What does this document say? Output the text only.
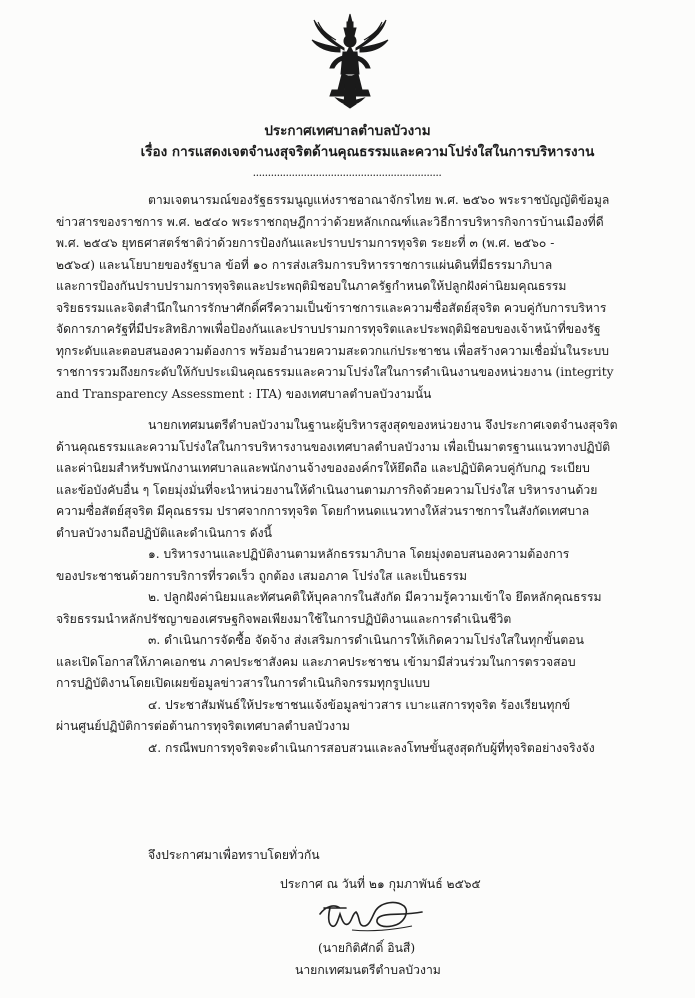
ประกาศเทศบาลตำบลบัวงาม
เรื่อง การแสดงเจตจำนงสุจริตด้านคุณธรรมและความโปร่งใสในการบริหารงาน
...............................................................
ตามเจตนารมณ์ของรัฐธรรมนูญแห่งราชอาณาจักรไทย พ.ศ. ๒๕๖๐ พระราชบัญญัติข้อมูล
ข่าวสารของราชการ พ.ศ. ๒๕๔๐ พระราชกฤษฎีกาว่าด้วยหลักเกณฑ์และวิธีการบริหารกิจการบ้านเมืองที่ดี
พ.ศ. ๒๕๔๖ ยุทธศาสตร์ชาติว่าด้วยการป้องกันและปราบปรามการทุจริต ระยะที่ ๓ (พ.ศ. ๒๕๖๐ -
๒๕๖๔) และนโยบายของรัฐบาล ข้อที่ ๑๐ การส่งเสริมการบริหารราชการแผ่นดินที่มีธรรมาภิบาล
และการป้องกันปราบปรามการทุจริตและประพฤติมิชอบในภาครัฐกำหนดให้ปลูกฝังค่านิยมคุณธรรม
จริยธรรมและจิตสำนึกในการรักษาศักดิ์ศรีความเป็นข้าราชการและความซื่อสัตย์สุจริต ควบคู่กับการบริหาร
จัดการภาครัฐที่มีประสิทธิภาพเพื่อป้องกันและปราบปรามการทุจริตและประพฤติมิชอบของเจ้าหน้าที่ของรัฐ
ทุกระดับและตอบสนองความต้องการ พร้อมอำนวยความสะดวกแก่ประชาชน เพื่อสร้างความเชื่อมั่นในระบบ
ราชการรวมถึงยกระดับให้กับประเมินคุณธรรมและความโปร่งใสในการดำเนินงานของหน่วยงาน (integrity
and Transparency Assessment : ITA) ของเทศบาลตำบลบัวงามนั้น
นายกเทศมนตรีตำบลบัวงามในฐานะผู้บริหารสูงสุดของหน่วยงาน จึงประกาศเจตจำนงสุจริต
ด้านคุณธรรมและความโปร่งใสในการบริหารงานของเทศบาลตำบลบัวงาม เพื่อเป็นมาตรฐานแนวทางปฏิบัติ
และค่านิยมสำหรับพนักงานเทศบาลและพนักงานจ้างขององค์กรให้ยึดถือ และปฏิบัติควบคู่กับกฎ ระเบียบ
และข้อบังคับอื่น ๆ โดยมุ่งมั่นที่จะนำหน่วยงานให้ดำเนินงานตามภารกิจด้วยความโปร่งใส บริหารงานด้วย
ความซื่อสัตย์สุจริต มีคุณธรรม ปราศจากการทุจริต โดยกำหนดแนวทางให้ส่วนราชการในสังกัดเทศบาล
ตำบลบัวงามถือปฏิบัติและดำเนินการ ดังนี้
๑. บริหารงานและปฏิบัติงานตามหลักธรรมาภิบาล โดยมุ่งตอบสนองความต้องการ
ของประชาชนด้วยการบริการที่รวดเร็ว ถูกต้อง เสมอภาค โปร่งใส และเป็นธรรม
๒. ปลูกฝังค่านิยมและทัศนคติให้บุคลากรในสังกัด มีความรู้ความเข้าใจ ยึดหลักคุณธรรม
จริยธรรมนำหลักปรัชญาของเศรษฐกิจพอเพียงมาใช้ในการปฏิบัติงานและการดำเนินชีวิต
๓. ดำเนินการจัดซื้อ จัดจ้าง ส่งเสริมการดำเนินการให้เกิดความโปร่งใสในทุกขั้นตอน
และเปิดโอกาสให้ภาคเอกชน ภาคประชาสังคม และภาคประชาชน เข้ามามีส่วนร่วมในการตรวจสอบ
การปฏิบัติงานโดยเปิดเผยข้อมูลข่าวสารในการดำเนินกิจกรรมทุกรูปแบบ
๔. ประชาสัมพันธ์ให้ประชาชนแจ้งข้อมูลข่าวสาร เบาะแสการทุจริต ร้องเรียนทุกข์
ผ่านศูนย์ปฏิบัติการต่อต้านการทุจริตเทศบาลตำบลบัวงาม
๕. กรณีพบการทุจริตจะดำเนินการสอบสวนและลงโทษขั้นสูงสุดกับผู้ที่ทุจริตอย่างจริงจัง
จึงประกาศมาเพื่อทราบโดยทั่วกัน
ประกาศ ณ วันที่ ๒๑ กุมภาพันธ์ ๒๕๖๕
(นายกิติศักดิ์ อินสี)
นายกเทศมนตรีตำบลบัวงาม
